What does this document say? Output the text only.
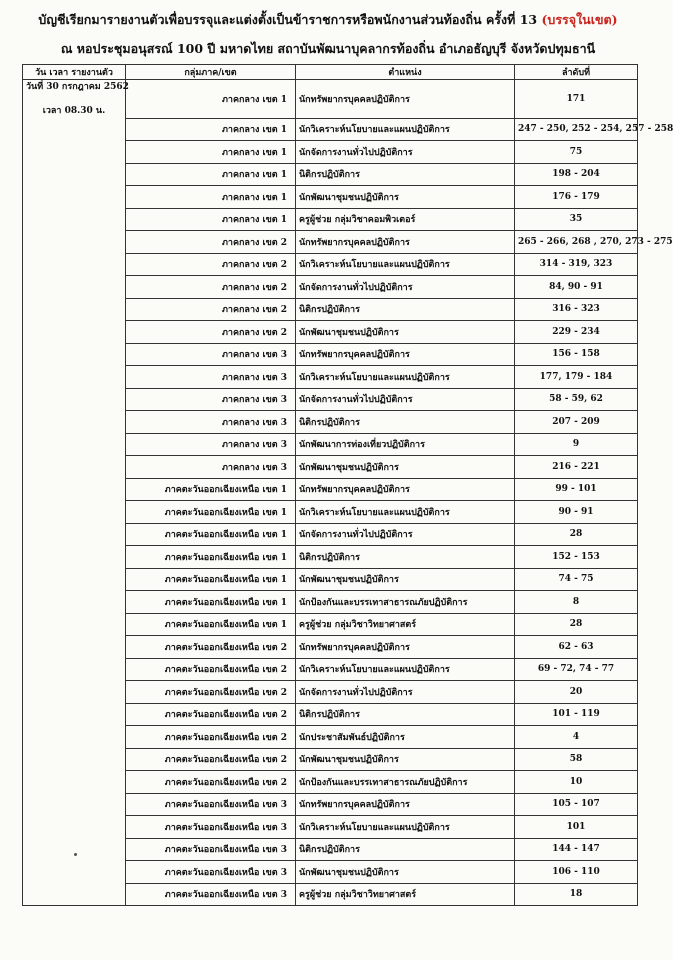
บัญชีเรียกมารายงานตัวเพื่อบรรจุและแต่งตั้งเป็นข้าราชการหรือพนักงานส่วนท้องถิ่น ครั้งที่ 13 (บรรจุในเขต)
ณ หอประชุมอนุสรณ์ 100 ปี มหาดไทย สถาบันพัฒนาบุคลากรท้องถิ่น อำเภอธัญบุรี จังหวัดปทุมธานี
วัน เวลา รายงานตัว	กลุ่มภาค/เขต	ตำแหน่ง	ลำดับที่

วันที่ 30 กรกฎาคม 2562
เวลา 08.30 น.	ภาคกลาง เขต 1	นักทรัพยากรบุคคลปฏิบัติการ	171
	ภาคกลาง เขต 1	นักวิเคราะห์นโยบายและแผนปฏิบัติการ	247 - 250, 252 - 254, 257 - 258
	ภาคกลาง เขต 1	นักจัดการงานทั่วไปปฏิบัติการ	75
	ภาคกลาง เขต 1	นิติกรปฏิบัติการ	198 - 204
	ภาคกลาง เขต 1	นักพัฒนาชุมชนปฏิบัติการ	176 - 179
	ภาคกลาง เขต 1	ครูผู้ช่วย กลุ่มวิชาคอมพิวเตอร์	35
	ภาคกลาง เขต 2	นักทรัพยากรบุคคลปฏิบัติการ	265 - 266, 268 , 270, 273 - 275
	ภาคกลาง เขต 2	นักวิเคราะห์นโยบายและแผนปฏิบัติการ	314 - 319, 323
	ภาคกลาง เขต 2	นักจัดการงานทั่วไปปฏิบัติการ	84, 90 - 91
	ภาคกลาง เขต 2	นิติกรปฏิบัติการ	316 - 323
	ภาคกลาง เขต 2	นักพัฒนาชุมชนปฏิบัติการ	229 - 234
	ภาคกลาง เขต 3	นักทรัพยากรบุคคลปฏิบัติการ	156 - 158
	ภาคกลาง เขต 3	นักวิเคราะห์นโยบายและแผนปฏิบัติการ	177, 179 - 184
	ภาคกลาง เขต 3	นักจัดการงานทั่วไปปฏิบัติการ	58 - 59, 62
	ภาคกลาง เขต 3	นิติกรปฏิบัติการ	207 - 209
	ภาคกลาง เขต 3	นักพัฒนาการท่องเที่ยวปฏิบัติการ	9
	ภาคกลาง เขต 3	นักพัฒนาชุมชนปฏิบัติการ	216 - 221
	ภาคตะวันออกเฉียงเหนือ เขต 1	นักทรัพยากรบุคคลปฏิบัติการ	99 - 101
	ภาคตะวันออกเฉียงเหนือ เขต 1	นักวิเคราะห์นโยบายและแผนปฏิบัติการ	90 - 91
	ภาคตะวันออกเฉียงเหนือ เขต 1	นักจัดการงานทั่วไปปฏิบัติการ	28
	ภาคตะวันออกเฉียงเหนือ เขต 1	นิติกรปฏิบัติการ	152 - 153
	ภาคตะวันออกเฉียงเหนือ เขต 1	นักพัฒนาชุมชนปฏิบัติการ	74 - 75
	ภาคตะวันออกเฉียงเหนือ เขต 1	นักป้องกันและบรรเทาสาธารณภัยปฏิบัติการ	8
	ภาคตะวันออกเฉียงเหนือ เขต 1	ครูผู้ช่วย กลุ่มวิชาวิทยาศาสตร์	28
	ภาคตะวันออกเฉียงเหนือ เขต 2	นักทรัพยากรบุคคลปฏิบัติการ	62 - 63
	ภาคตะวันออกเฉียงเหนือ เขต 2	นักวิเคราะห์นโยบายและแผนปฏิบัติการ	69 - 72, 74 - 77
	ภาคตะวันออกเฉียงเหนือ เขต 2	นักจัดการงานทั่วไปปฏิบัติการ	20
	ภาคตะวันออกเฉียงเหนือ เขต 2	นิติกรปฏิบัติการ	101 - 119
	ภาคตะวันออกเฉียงเหนือ เขต 2	นักประชาสัมพันธ์ปฏิบัติการ	4
	ภาคตะวันออกเฉียงเหนือ เขต 2	นักพัฒนาชุมชนปฏิบัติการ	58
	ภาคตะวันออกเฉียงเหนือ เขต 2	นักป้องกันและบรรเทาสาธารณภัยปฏิบัติการ	10
	ภาคตะวันออกเฉียงเหนือ เขต 3	นักทรัพยากรบุคคลปฏิบัติการ	105 - 107
	ภาคตะวันออกเฉียงเหนือ เขต 3	นักวิเคราะห์นโยบายและแผนปฏิบัติการ	101
	ภาคตะวันออกเฉียงเหนือ เขต 3	นิติกรปฏิบัติการ	144 - 147
	ภาคตะวันออกเฉียงเหนือ เขต 3	นักพัฒนาชุมชนปฏิบัติการ	106 - 110
	ภาคตะวันออกเฉียงเหนือ เขต 3	ครูผู้ช่วย กลุ่มวิชาวิทยาศาสตร์	18
